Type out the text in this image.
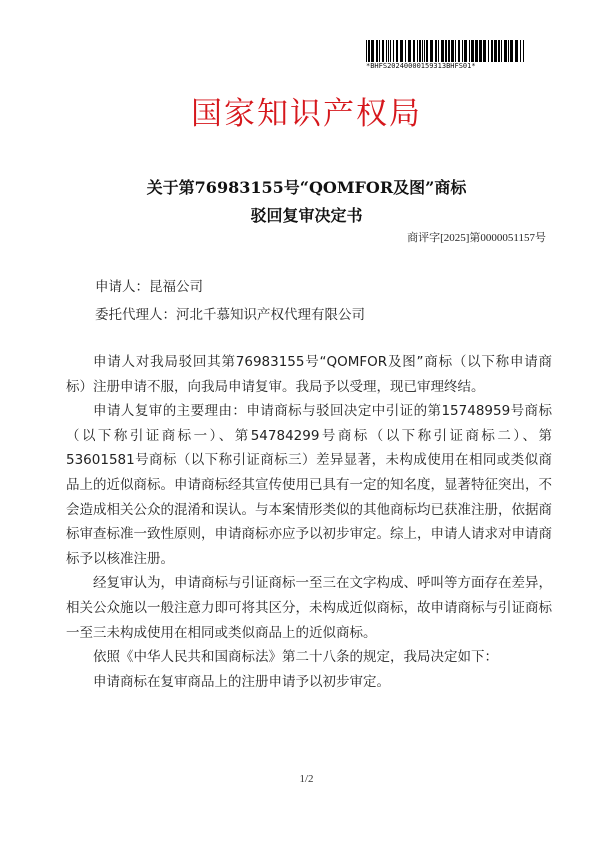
*BHFS20240000159313BHFS01*
国家知识产权局
关于第76983155号“QOMFOR及图”商标
驳回复审决定书
商评字[2025]第0000051157号
申请人：昆福公司
委托代理人：河北千慕知识产权代理有限公司

申请人对我局驳回其第76983155号“QOMFOR及图”商标（以下称申请商标）注册申请不服，向我局申请复审。我局予以受理，现已审理终结。

申请人复审的主要理由：申请商标与驳回决定中引证的第15748959号商标（以下称引证商标一）、第54784299号商标（以下称引证商标二）、第53601581号商标（以下称引证商标三）差异显著，未构成使用在相同或类似商品上的近似商标。申请商标经其宣传使用已具有一定的知名度，显著特征突出，不会造成相关公众的混淆和误认。与本案情形类似的其他商标均已获准注册，依据商标审查标准一致性原则，申请商标亦应予以初步审定。综上，申请人请求对申请商标予以核准注册。

经复审认为，申请商标与引证商标一至三在文字构成、呼叫等方面存在差异，相关公众施以一般注意力即可将其区分，未构成近似商标，故申请商标与引证商标一至三未构成使用在相同或类似商品上的近似商标。

依照《中华人民共和国商标法》第二十八条的规定，我局决定如下：

申请商标在复审商品上的注册申请予以初步审定。

1/2
